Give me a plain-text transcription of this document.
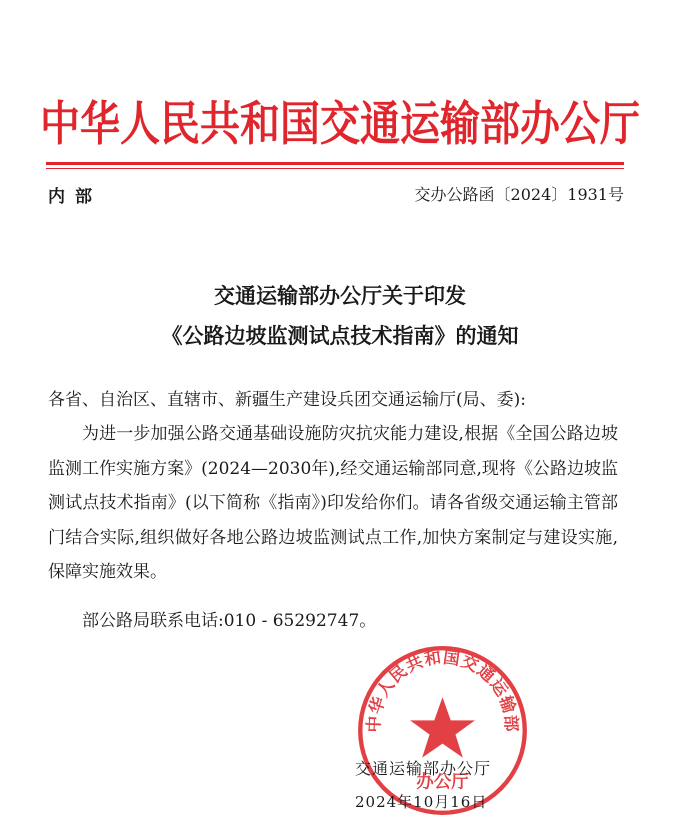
中华人民共和国交通运输部办公厅
内部	交办公路函〔2024〕1931号
交通运输部办公厅关于印发
《公路边坡监测试点技术指南》的通知
各省、自治区、直辖市、新疆生产建设兵团交通运输厅(局、委):
为进一步加强公路交通基础设施防灾抗灾能力建设,根据《全国公路边坡监测工作实施方案》(2024—2030年),经交通运输部同意,现将《公路边坡监测试点技术指南》(以下简称《指南》)印发给你们。请各省级交通运输主管部门结合实际,组织做好各地公路边坡监测试点工作,加快方案制定与建设实施,保障实施效果。
部公路局联系电话:010 - 65292747。
中华人民共和国交通运输部
办公厅
交通运输部办公厅
2024年10月16日
